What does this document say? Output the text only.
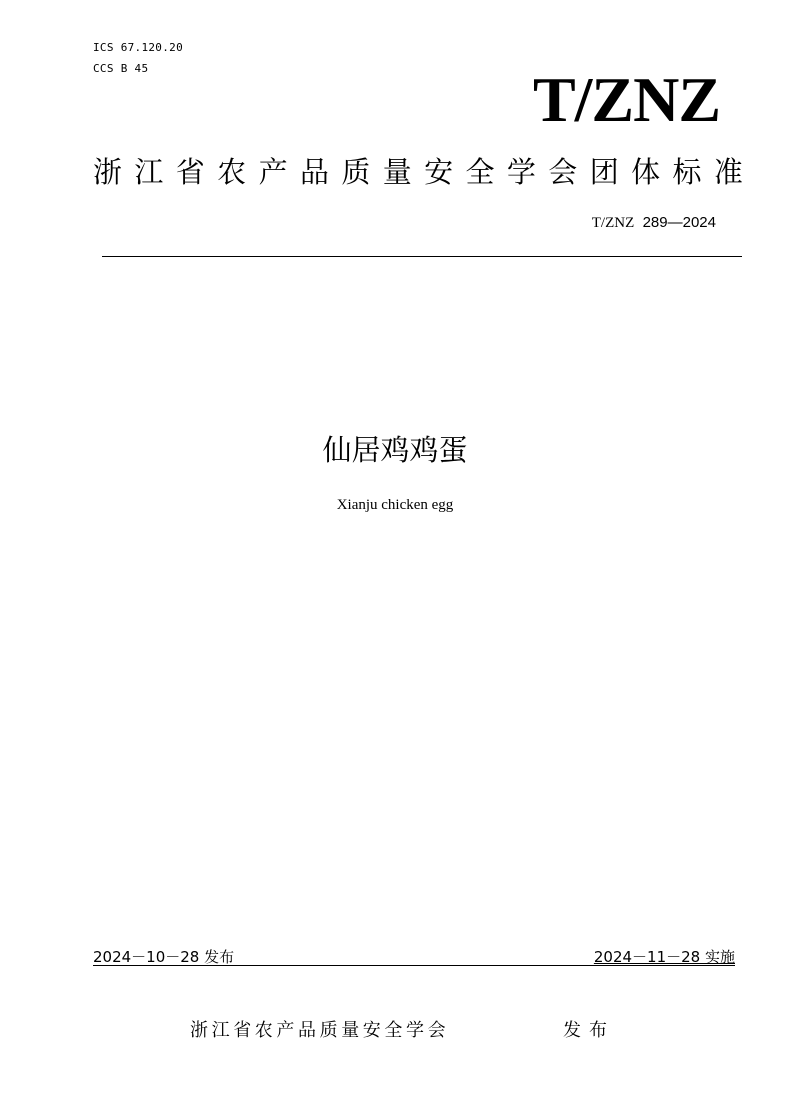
ICS 67.120.20
CCS B 45	T/ZNZ
浙 江 省 农 产 品 质 量 安 全 学 会 团 体 标 准
T/ZNZ 289—2024
仙居鸡鸡蛋
Xianju chicken egg
2024－10－28 发布	2024－11－28 实施
浙江省农产品质量安全学会	发布
